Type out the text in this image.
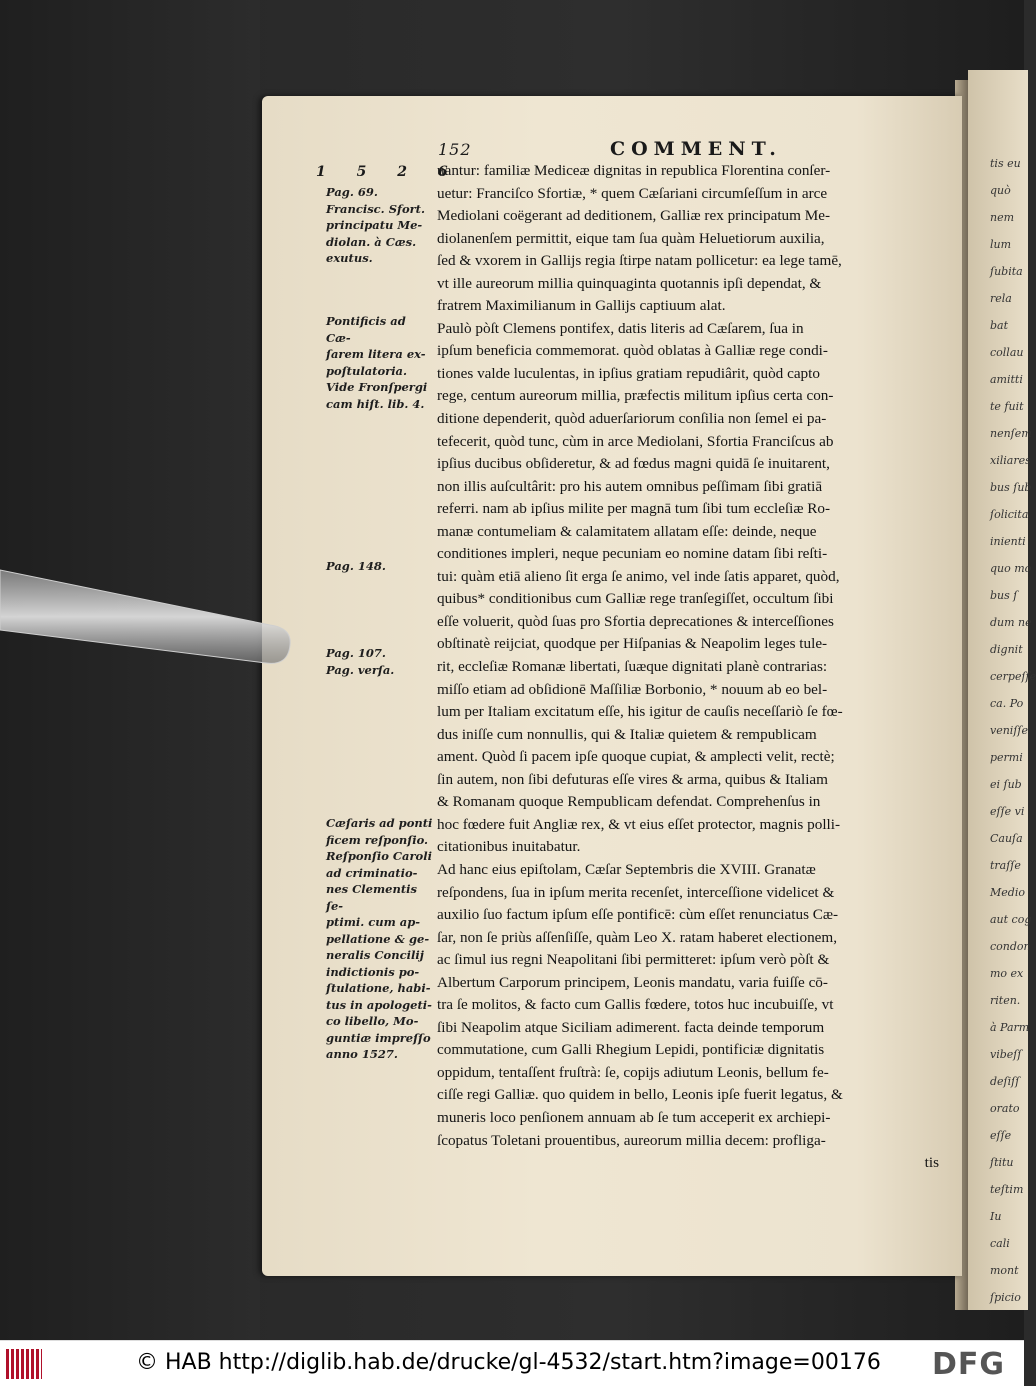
tis eu
quò
nem
lum
ſubita
rela
bat
collau
amitti
te fuit
nenſem
xiliares
bus ſub
ſolicita
inienti
quo mo
bus ſ
dum ne
dignit
cerpeſſe
ca. Po
veniſſe
permi
ei ſub
eſſe vi
Cauſa
traſſe
Medio
aut cog
condon
mo ex
riten.
à Parm
vibeſſ
deſiſſ
orato
eſſe
ſtitu
teſtim
Iu
cali
mont
ſpicio
152	COMMENT.
1 5 2 6
Pag. 69.
Francisc. Sfort.
principatu Me-
diolan. à Cæs.
exutus.
Pontificis ad Cæ-
ſarem litera ex-
poſtulatoria.
Vide Fronſpergi
cam hiſt. lib. 4.
Pag. 148.
Pag. 107.
Pag. verſa.
Cæſaris ad ponti
ficem reſponſio.
Reſponſio Caroli
ad criminatio-
nes Clementis ſe-
ptimi. cum ap-
pellatione & ge-
neralis Concilij
indictionis po-
ſtulatione, habi-
tus in apologeti-
co libello, Mo-
guntiæ impreſſo
anno 1527.
uantur: familiæ Mediceæ dignitas in republica Florentina conſer-
uetur: Franciſco Sfortiæ, * quem Cæſariani circumſeſſum in arce
Mediolani coëgerant ad deditionem, Galliæ rex principatum Me-
diolanenſem permittit, eique tam ſua quàm Heluetiorum auxilia,
ſed & vxorem in Gallijs regia ſtirpe natam pollicetur: ea lege tamē,
vt ille aureorum millia quinquaginta quotannis ipſi dependat, &
fratrem Maximilianum in Gallijs captiuum alat.
Paulò pòſt Clemens pontifex, datis literis ad Cæſarem, ſua in
ipſum beneficia commemorat. quòd oblatas à Galliæ rege condi-
tiones valde luculentas, in ipſius gratiam repudiârit, quòd capto
rege, centum aureorum millia, præfectis militum ipſius certa con-
ditione dependerit, quòd aduerſariorum conſilia non ſemel ei pa-
tefecerit, quòd tunc, cùm in arce Mediolani, Sfortia Franciſcus ab
ipſius ducibus obſideretur, & ad fœdus magni quidā ſe inuitarent,
non illis auſcultârit: pro his autem omnibus peſſimam ſibi gratiā
referri. nam ab ipſius milite per magnā tum ſibi tum eccleſiæ Ro-
manæ contumeliam & calamitatem allatam eſſe: deinde, neque
conditiones impleri, neque pecuniam eo nomine datam ſibi reſti-
tui: quàm etiā alieno ſit erga ſe animo, vel inde ſatis apparet, quòd,
quibus* conditionibus cum Galliæ rege tranſegiſſet, occultum ſibi
eſſe voluerit, quòd ſuas pro Sfortia deprecationes & interceſſiones
obſtinatè reijciat, quodque per Hiſpanias & Neapolim leges tule-
rit, eccleſiæ Romanæ libertati, ſuæque dignitati planè contrarias:
miſſo etiam ad obſidionē Maſſiliæ Borbonio, * nouum ab eo bel-
lum per Italiam excitatum eſſe, his igitur de cauſis neceſſariò ſe fœ-
dus iniſſe cum nonnullis, qui & Italiæ quietem & rempublicam
ament. Quòd ſi pacem ipſe quoque cupiat, & amplecti velit, rectè;
ſin autem, non ſibi defuturas eſſe vires & arma, quibus & Italiam
& Romanam quoque Rempublicam defendat. Comprehenſus in
hoc fœdere fuit Angliæ rex, & vt eius eſſet protector, magnis polli-
citationibus inuitabatur.
Ad hanc eius epiſtolam, Cæſar Septembris die XVIII. Granatæ
reſpondens, ſua in ipſum merita recenſet, interceſſione videlicet &
auxilio ſuo factum ipſum eſſe pontificē: cùm eſſet renunciatus Cæ-
ſar, non ſe priùs aſſenſiſſe, quàm Leo X. ratam haberet electionem,
ac ſimul ius regni Neapolitani ſibi permitteret: ipſum verò pòſt &
Albertum Carporum principem, Leonis mandatu, varia fuiſſe cō-
tra ſe molitos, & facto cum Gallis fœdere, totos huc incubuiſſe, vt
ſibi Neapolim atque Siciliam adimerent. facta deinde temporum
commutatione, cum Galli Rhegium Lepidi, pontificiæ dignitatis
oppidum, tentaſſent fruſtrà: ſe, copijs adiutum Leonis, bellum fe-
ciſſe regi Galliæ. quo quidem in bello, Leonis ipſe fuerit legatus, &
muneris loco penſionem annuam ab ſe tum acceperit ex archiepi-
ſcopatus Toletani prouentibus, aureorum millia decem: profliga-
tis
© HAB http://diglib.hab.de/drucke/gl-4532/start.htm?image=00176 DFG
